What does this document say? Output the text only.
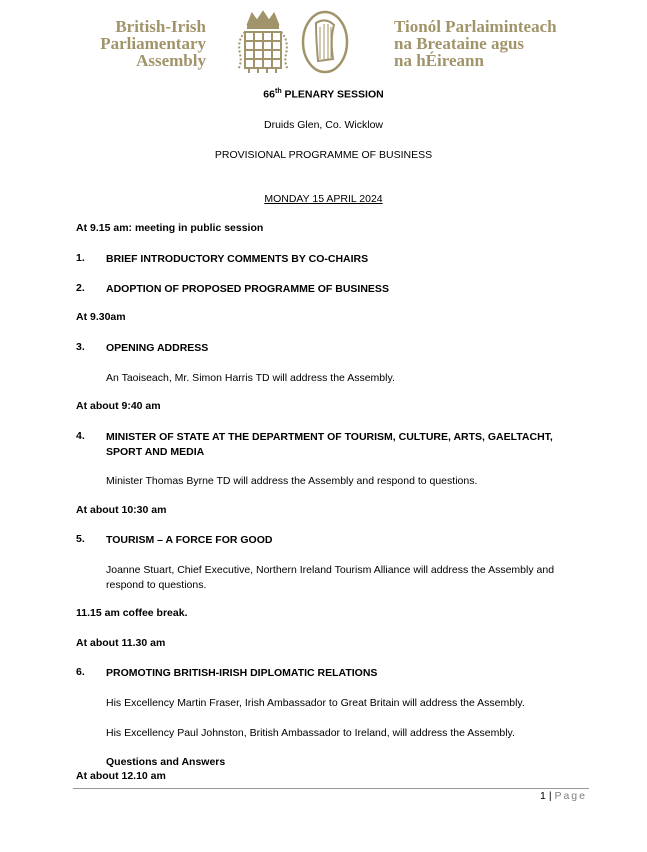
British-Irish
Parliamentary
Assembly
Tionól Parlaiminteach
na Breataine agus
na hÉireann
66th PLENARY SESSION
Druids Glen, Co. Wicklow
PROVISIONAL PROGRAMME OF BUSINESS
MONDAY 15 APRIL 2024
At 9.15 am: meeting in public session
1. BRIEF INTRODUCTORY COMMENTS BY CO-CHAIRS
2. ADOPTION OF PROPOSED PROGRAMME OF BUSINESS
At 9.30am
3. OPENING ADDRESS
An Taoiseach, Mr. Simon Harris TD will address the Assembly.
At about 9:40 am
4. MINISTER OF STATE AT THE DEPARTMENT OF TOURISM, CULTURE, ARTS, GAELTACHT, SPORT AND MEDIA
Minister Thomas Byrne TD will address the Assembly and respond to questions.
At about 10:30 am
5. TOURISM – A FORCE FOR GOOD
Joanne Stuart, Chief Executive, Northern Ireland Tourism Alliance will address the Assembly and respond to questions.
11.15 am coffee break.
At about 11.30 am
6. PROMOTING BRITISH-IRISH DIPLOMATIC RELATIONS
His Excellency Martin Fraser, Irish Ambassador to Great Britain will address the Assembly.
His Excellency Paul Johnston, British Ambassador to Ireland, will address the Assembly.
Questions and Answers
At about 12.10 am
1 | Page
